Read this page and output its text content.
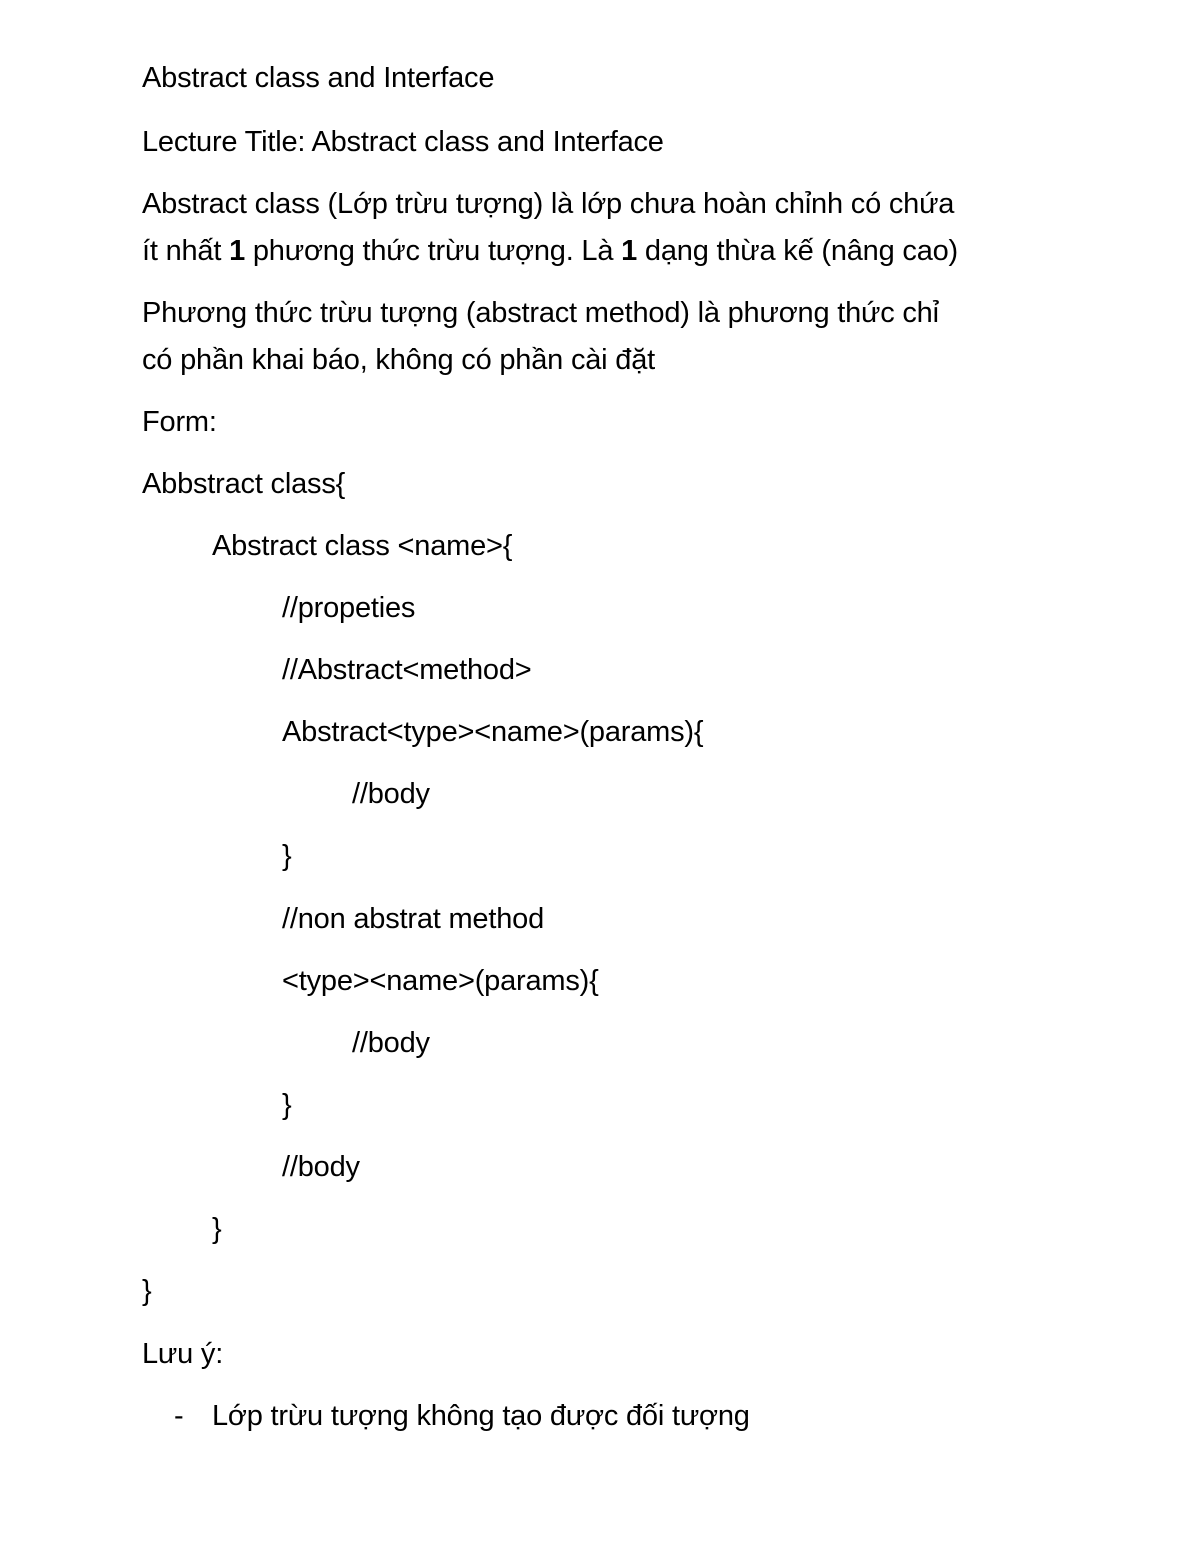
Abstract class and Interface
Lecture Title: Abstract class and Interface
Abstract class (Lớp trừu tượng) là lớp chưa hoàn chỉnh có chứa
ít nhất 1 phương thức trừu tượng. Là 1 dạng thừa kế (nâng cao)
Phương thức trừu tượng (abstract method) là phương thức chỉ
có phần khai báo, không có phần cài đặt
Form:
Abbstract class{
Abstract class <name>{
//propeties
//Abstract<method>
Abstract<type><name>(params){
//body
}
//non abstrat method
<type><name>(params){
//body
}
//body
}
}
Lưu ý:
- Lớp trừu tượng không tạo được đối tượng
